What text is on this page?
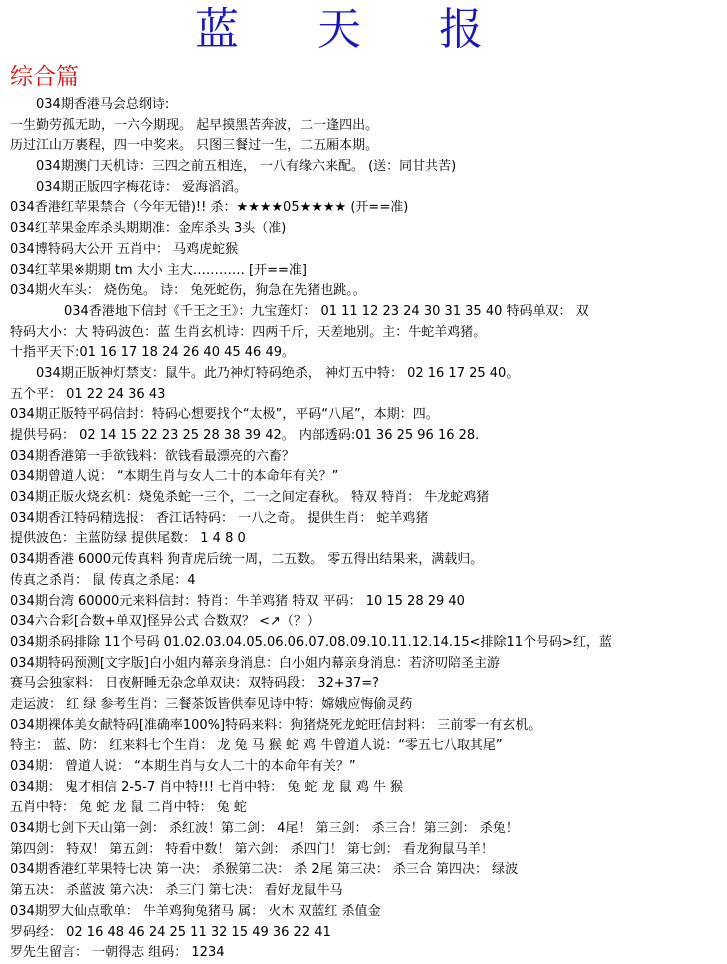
蓝 天 报
综合篇
034期香港马会总纲诗:
一生勤劳孤无助，一六今期现。 起早摸黑苦奔波，二一逢四出。
历过江山万裹程，四一中奖来。 只图三餐过一生，二五厢本期。
034期澳门天机诗：三四之前五相连， 一八有缘六来配。 (送：同甘共苦)
034期正版四字梅花诗： 爱海滔滔。
034香港红苹果禁合（今年无错)!! 杀：★★★★05★★★★ (开==准)
034红苹果金库杀头期期准：金库杀头 3头（准)
034博特码大公开 五肖中： 马鸡虎蛇猴
034红苹果※期期 tm 大小 主大………… [开==准]
034期火车头： 烧伤兔。 诗： 兔死蛇伤，狗急在先猪也跳。。
034香港地下信封《千王之王》：九宝莲灯： 01 11 12 23 24 30 31 35 40 特码单双： 双
特码大小：大 特码波色：蓝 生肖玄机诗：四两千斤，天差地别。主：牛蛇羊鸡猪。
十指平天下:01 16 17 18 24 26 40 45 46 49。
034期正版神灯禁支：鼠牛。此乃神灯特码绝杀， 神灯五中特： 02 16 17 25 40。
五个平： 01 22 24 36 43
034期正版特平码信封：特码心想要找个“太极”，平码“八尾”，本期：四。
提供号码： 02 14 15 22 23 25 28 38 39 42。 内部透码:01 36 25 96 16 28.
034期香港第一手欲钱料：欲钱看最漂亮的六畜？
034期曾道人说： “本期生肖与女人二十的本命年有关？”
034期正版火烧玄机：烧兔杀蛇一三个，二一之间定春秋。 特双 特肖： 牛龙蛇鸡猪
034期香江特码精选报： 香江话特码： 一八之奇。 提供生肖： 蛇羊鸡猪
提供波色：主蓝防绿 提供尾数： 1 4 8 0
034期香港 6000元传真料 狗青虎后统一周，二五数。 零五得出结果来，满载归。
传真之杀肖： 鼠 传真之杀尾：4
034期台湾 60000元来料信封：特肖：牛羊鸡猪 特双 平码： 10 15 28 29 40
034六合彩[合数+单双]怪异公式 合数双？ <↗（？）
034期杀码排除 11个号码 01.02.03.04.05.06.06.07.08.09.10.11.12.14.15<排除11个号码>红，蓝
034期特码预测[文字版]白小姐内幕亲身消息：白小姐内幕亲身消息：若济叨陪圣主游
赛马会独家料： 日夜鼾睡无杂念单双诀：双特码段： 32+37=?
走运波： 红 绿 参考生肖：三餐茶饭皆供奉见诗中特：嫦娥应悔偷灵药
034期裸体美女献特码[准确率100%]特码来料：狗猪烧死龙蛇旺信封料： 三前零一有玄机。
特主： 蓝、防： 红来料七个生肖： 龙 兔 马 猴 蛇 鸡 牛曾道人说：“零五七八取其尾”
034期： 曾道人说： “本期生肖与女人二十的本命年有关？”
034期： 鬼才相信 2-5-7 肖中特!!! 七肖中特： 兔 蛇 龙 鼠 鸡 牛 猴
五肖中特： 兔 蛇 龙 鼠 二肖中特： 兔 蛇
034期七剑下天山第一剑： 杀红波！第二剑： 4尾！ 第三剑： 杀三合！第三剑： 杀兔！
第四剑： 特双！ 第五剑： 特看中数！ 第六剑： 杀四门！ 第七剑： 看龙狗鼠马羊！
034期香港红苹果特七决 第一决： 杀猴第二决： 杀 2尾 第三决： 杀三合 第四决： 绿波
第五决： 杀蓝波 第六决： 杀三门 第七决： 看好龙鼠牛马
034期罗大仙点歌单： 牛羊鸡狗兔猪马 属： 火木 双蓝红 杀值金
罗码经： 02 16 48 46 24 25 11 32 15 49 36 22 41
罗先生留言： 一朝得志 组码： 1234
